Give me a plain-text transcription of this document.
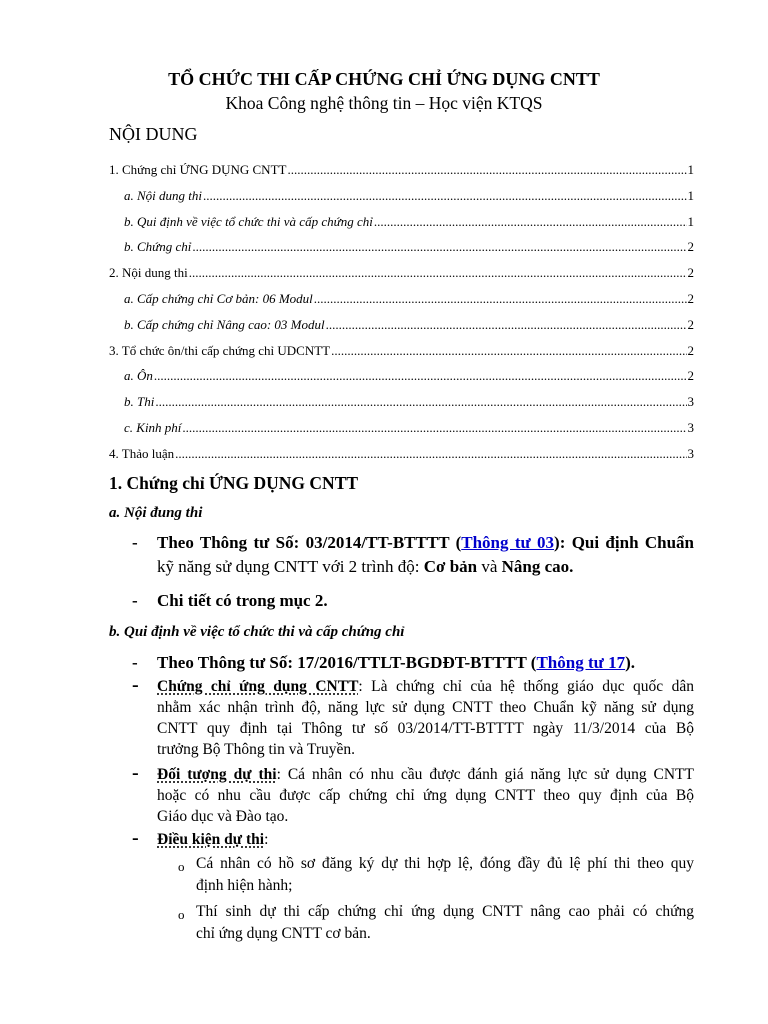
TỔ CHỨC THI CẤP CHỨNG CHỈ ỨNG DỤNG CNTT
Khoa Công nghệ thông tin – Học viện KTQS
NỘI DUNG
1. Chứng chỉ ỨNG DỤNG CNTT .....	1
a. Nội dung thi .....	1
b. Qui định về việc tổ chức thi và cấp chứng chỉ .....	1
b. Chứng chỉ .....	2
2. Nội dung thi .....	2
a. Cấp chứng chỉ Cơ bản: 06 Modul .....	2
b. Cấp chứng chỉ Nâng cao: 03 Modul .....	2
3. Tổ chức ôn/thi cấp chứng chỉ UDCNTT .....	2
a. Ôn .....	2
b. Thi .....	3
c. Kinh phí .....	3
4. Thảo luận .....	3
1. Chứng chỉ ỨNG DỤNG CNTT
a. Nội đung thi
- Theo Thông tư Số: 03/2014/TT-BTTTT (Thông tư 03): Qui định Chuẩn
kỹ năng sử dụng CNTT với 2 trình độ: Cơ bản và Nâng cao.
- Chi tiết có trong mục 2.
b. Qui định về việc tổ chức thi và cấp chứng chỉ
- Theo Thông tư Số: 17/2016/TTLT-BGDĐT-BTTTT (Thông tư 17).
- Chứng chỉ ứng dụng CNTT: Là chứng chỉ của hệ thống giáo dục quốc dân
nhằm xác nhận trình độ, năng lực sử dụng CNTT theo Chuẩn kỹ năng sử dụng
CNTT quy định tại Thông tư số 03/2014/TT-BTTTT ngày 11/3/2014 của Bộ
trưởng Bộ Thông tin và Truyền.
- Đối tượng dự thi: Cá nhân có nhu cầu được đánh giá năng lực sử dụng CNTT
hoặc có nhu cầu được cấp chứng chỉ ứng dụng CNTT theo quy định của Bộ
Giáo dục và Đào tạo.
- Điều kiện dự thi:
o Cá nhân có hồ sơ đăng ký dự thi hợp lệ, đóng đầy đủ lệ phí thi theo quy
định hiện hành;
o Thí sinh dự thi cấp chứng chỉ ứng dụng CNTT nâng cao phải có chứng
chỉ ứng dụng CNTT cơ bản.
